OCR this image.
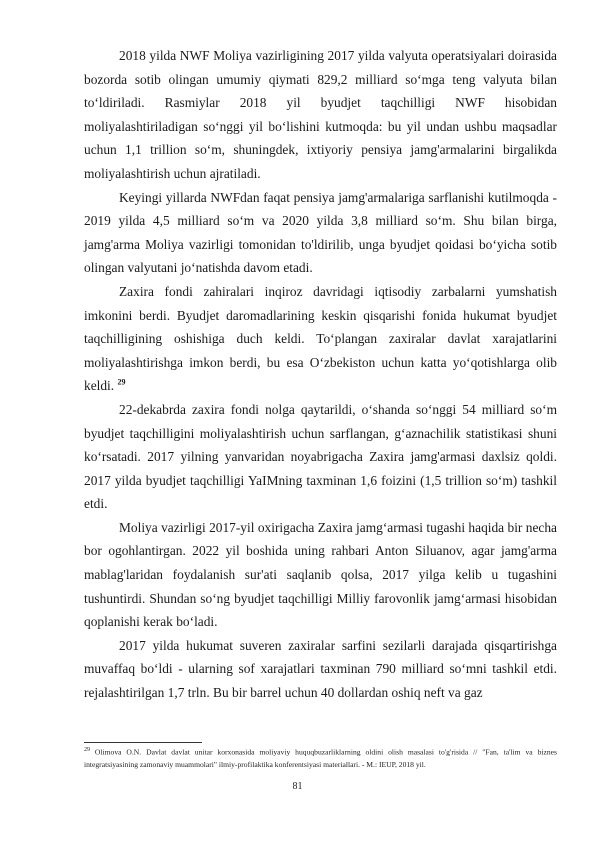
2018 yilda NWF Moliya vazirligining 2017 yilda valyuta operatsiyalari doirasida bozorda sotib olingan umumiy qiymati 829,2 milliard so‘mga teng valyuta bilan to‘ldiriladi. Rasmiylar 2018 yil byudjet taqchilligi NWF hisobidan moliyalashtiriladigan so‘nggi yil bo‘lishini kutmoqda: bu yil undan ushbu maqsadlar uchun 1,1 trillion so‘m, shuningdek, ixtiyoriy pensiya jamg'armalarini birgalikda moliyalashtirish uchun ajratiladi.

Keyingi yillarda NWFdan faqat pensiya jamg'armalariga sarflanishi kutilmoqda - 2019 yilda 4,5 milliard so‘m va 2020 yilda 3,8 milliard so‘m. Shu bilan birga, jamg'arma Moliya vazirligi tomonidan to'ldirilib, unga byudjet qoidasi bo‘yicha sotib olingan valyutani jo‘natishda davom etadi.

Zaxira fondi zahiralari inqiroz davridagi iqtisodiy zarbalarni yumshatish imkonini berdi. Byudjet daromadlarining keskin qisqarishi fonida hukumat byudjet taqchilligining oshishiga duch keldi. To‘plangan zaxiralar davlat xarajatlarini moliyalashtirishga imkon berdi, bu esa O‘zbekiston uchun katta yo‘qotishlarga olib keldi. $^{29}$

22-dekabrda zaxira fondi nolga qaytarildi, o‘shanda so‘nggi 54 milliard so‘m byudjet taqchilligini moliyalashtirish uchun sarflangan, g‘aznachilik statistikasi shuni ko‘rsatadi. 2017 yilning yanvaridan noyabrigacha Zaxira jamg'armasi daxlsiz qoldi. 2017 yilda byudjet taqchilligi YaIMning taxminan 1,6 foizini (1,5 trillion so‘m) tashkil etdi.

Moliya vazirligi 2017-yil oxirigacha Zaxira jamg‘armasi tugashi haqida bir necha bor ogohlantirgan. 2022 yil boshida uning rahbari Anton Siluanov, agar jamg'arma mablag'laridan foydalanish sur'ati saqlanib qolsa, 2017 yilga kelib u tugashini tushuntirdi. Shundan so‘ng byudjet taqchilligi Milliy farovonlik jamg‘armasi hisobidan qoplanishi kerak bo‘ladi.

2017 yilda hukumat suveren zaxiralar sarfini sezilarli darajada qisqartirishga muvaffaq bo‘ldi - ularning sof xarajatlari taxminan 790 milliard so‘mni tashkil etdi. rejalashtirilgan 1,7 trln. Bu bir barrel uchun 40 dollardan oshiq neft va gaz

$^{29}$ Olimova O.N. Davlat davlat unitar korxonasida moliyaviy huquqbuzarliklarning oldini olish masalasi to'g'risida // "Fan, ta'lim va biznes integratsiyasining zamonaviy muammolari" ilmiy-profilaktika konferentsiyasi materiallari. - M.: IEUP, 2018 yil.
81
